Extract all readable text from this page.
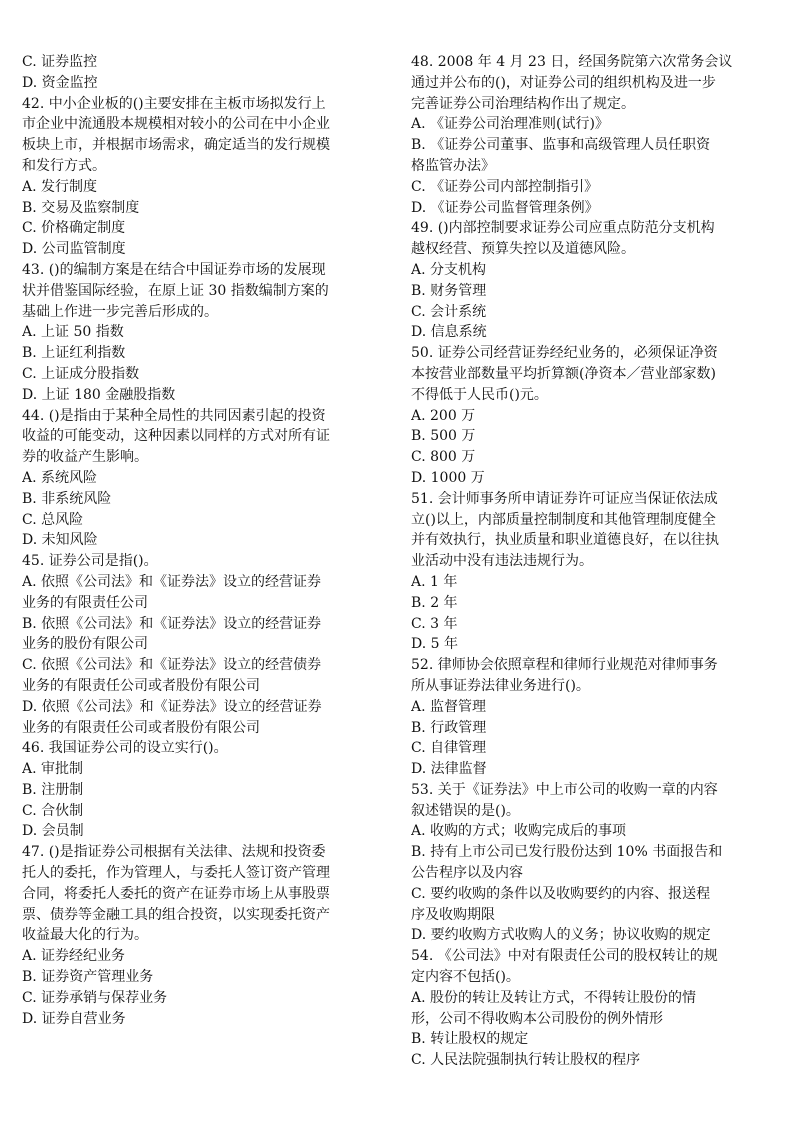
C. 证券监控
D. 资金监控
42. 中小企业板的()主要安排在主板市场拟发行上
市企业中流通股本规模相对较小的公司在中小企业
板块上市，并根据市场需求，确定适当的发行规模
和发行方式。
A. 发行制度
B. 交易及监察制度
C. 价格确定制度
D. 公司监管制度
43. ()的编制方案是在结合中国证券市场的发展现
状并借鉴国际经验，在原上证 30 指数编制方案的
基础上作进一步完善后形成的。
A. 上证 50 指数
B. 上证红利指数
C. 上证成分股指数
D. 上证 180 金融股指数
44. ()是指由于某种全局性的共同因素引起的投资
收益的可能变动，这种因素以同样的方式对所有证
券的收益产生影响。
A. 系统风险
B. 非系统风险
C. 总风险
D. 未知风险
45. 证券公司是指()。
A. 依照《公司法》和《证券法》设立的经营证券
业务的有限责任公司
B. 依照《公司法》和《证券法》设立的经营证券
业务的股份有限公司
C. 依照《公司法》和《证券法》设立的经营债券
业务的有限责任公司或者股份有限公司
D. 依照《公司法》和《证券法》设立的经营证券
业务的有限责任公司或者股份有限公司
46. 我国证券公司的设立实行()。
A. 审批制
B. 注册制
C. 合伙制
D. 会员制
47. ()是指证券公司根据有关法律、法规和投资委
托人的委托，作为管理人，与委托人签订资产管理
合同，将委托人委托的资产在证券市场上从事股票
票、债券等金融工具的组合投资，以实现委托资产
收益最大化的行为。
A. 证券经纪业务
B. 证券资产管理业务
C. 证券承销与保荐业务
D. 证券自营业务
48. 2008 年 4 月 23 日，经国务院第六次常务会议
通过并公布的()，对证券公司的组织机构及进一步
完善证券公司治理结构作出了规定。
A. 《证券公司治理准则(试行)》
B. 《证券公司董事、监事和高级管理人员任职资
格监管办法》
C. 《证券公司内部控制指引》
D. 《证券公司监督管理条例》
49. ()内部控制要求证券公司应重点防范分支机构
越权经营、预算失控以及道德风险。
A. 分支机构
B. 财务管理
C. 会计系统
D. 信息系统
50. 证券公司经营证券经纪业务的，必须保证净资
本按营业部数量平均折算额(净资本／营业部家数)
不得低于人民币()元。
A. 200 万
B. 500 万
C. 800 万
D. 1000 万
51. 会计师事务所申请证券许可证应当保证依法成
立()以上，内部质量控制制度和其他管理制度健全
并有效执行，执业质量和职业道德良好，在以往执
业活动中没有违法违规行为。
A. 1 年
B. 2 年
C. 3 年
D. 5 年
52. 律师协会依照章程和律师行业规范对律师事务
所从事证券法律业务进行()。
A. 监督管理
B. 行政管理
C. 自律管理
D. 法律监督
53. 关于《证券法》中上市公司的收购一章的内容
叙述错误的是()。
A. 收购的方式；收购完成后的事项
B. 持有上市公司已发行股份达到 10% 书面报告和
公告程序以及内容
C. 要约收购的条件以及收购要约的内容、报送程
序及收购期限
D. 要约收购方式收购人的义务；协议收购的规定
54. 《公司法》中对有限责任公司的股权转让的规
定内容不包括()。
A. 股份的转让及转让方式，不得转让股份的情
形，公司不得收购本公司股份的例外情形
B. 转让股权的规定
C. 人民法院强制执行转让股权的程序
